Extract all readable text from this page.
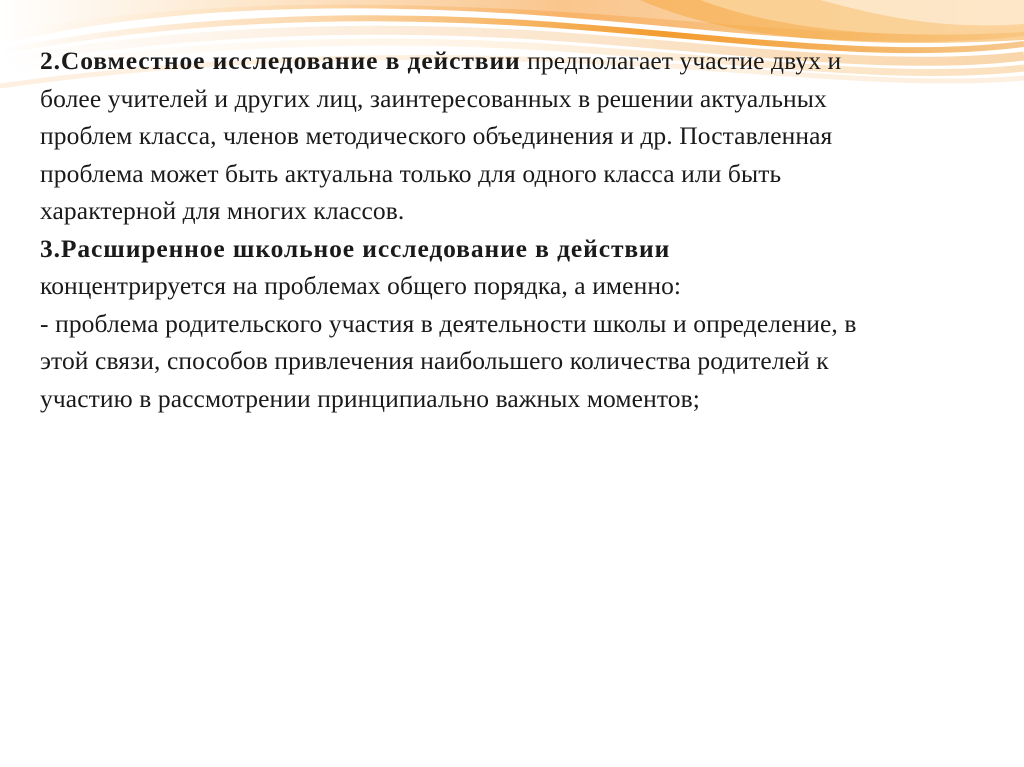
2.Совместное исследование в действии предполагает участие двух и более учителей и других лиц, заинтересованных в решении актуальных проблем класса, членов методического объединения и др. Поставленная проблема может быть актуальна только для одного класса или быть характерной для многих классов.

3.Расширенное школьное исследование в действии концентрируется на проблемах общего порядка, а именно:

- проблема родительского участия в деятельности школы и определение, в этой связи, способов привлечения наибольшего количества родителей к участию в рассмотрении принципиально важных моментов;
